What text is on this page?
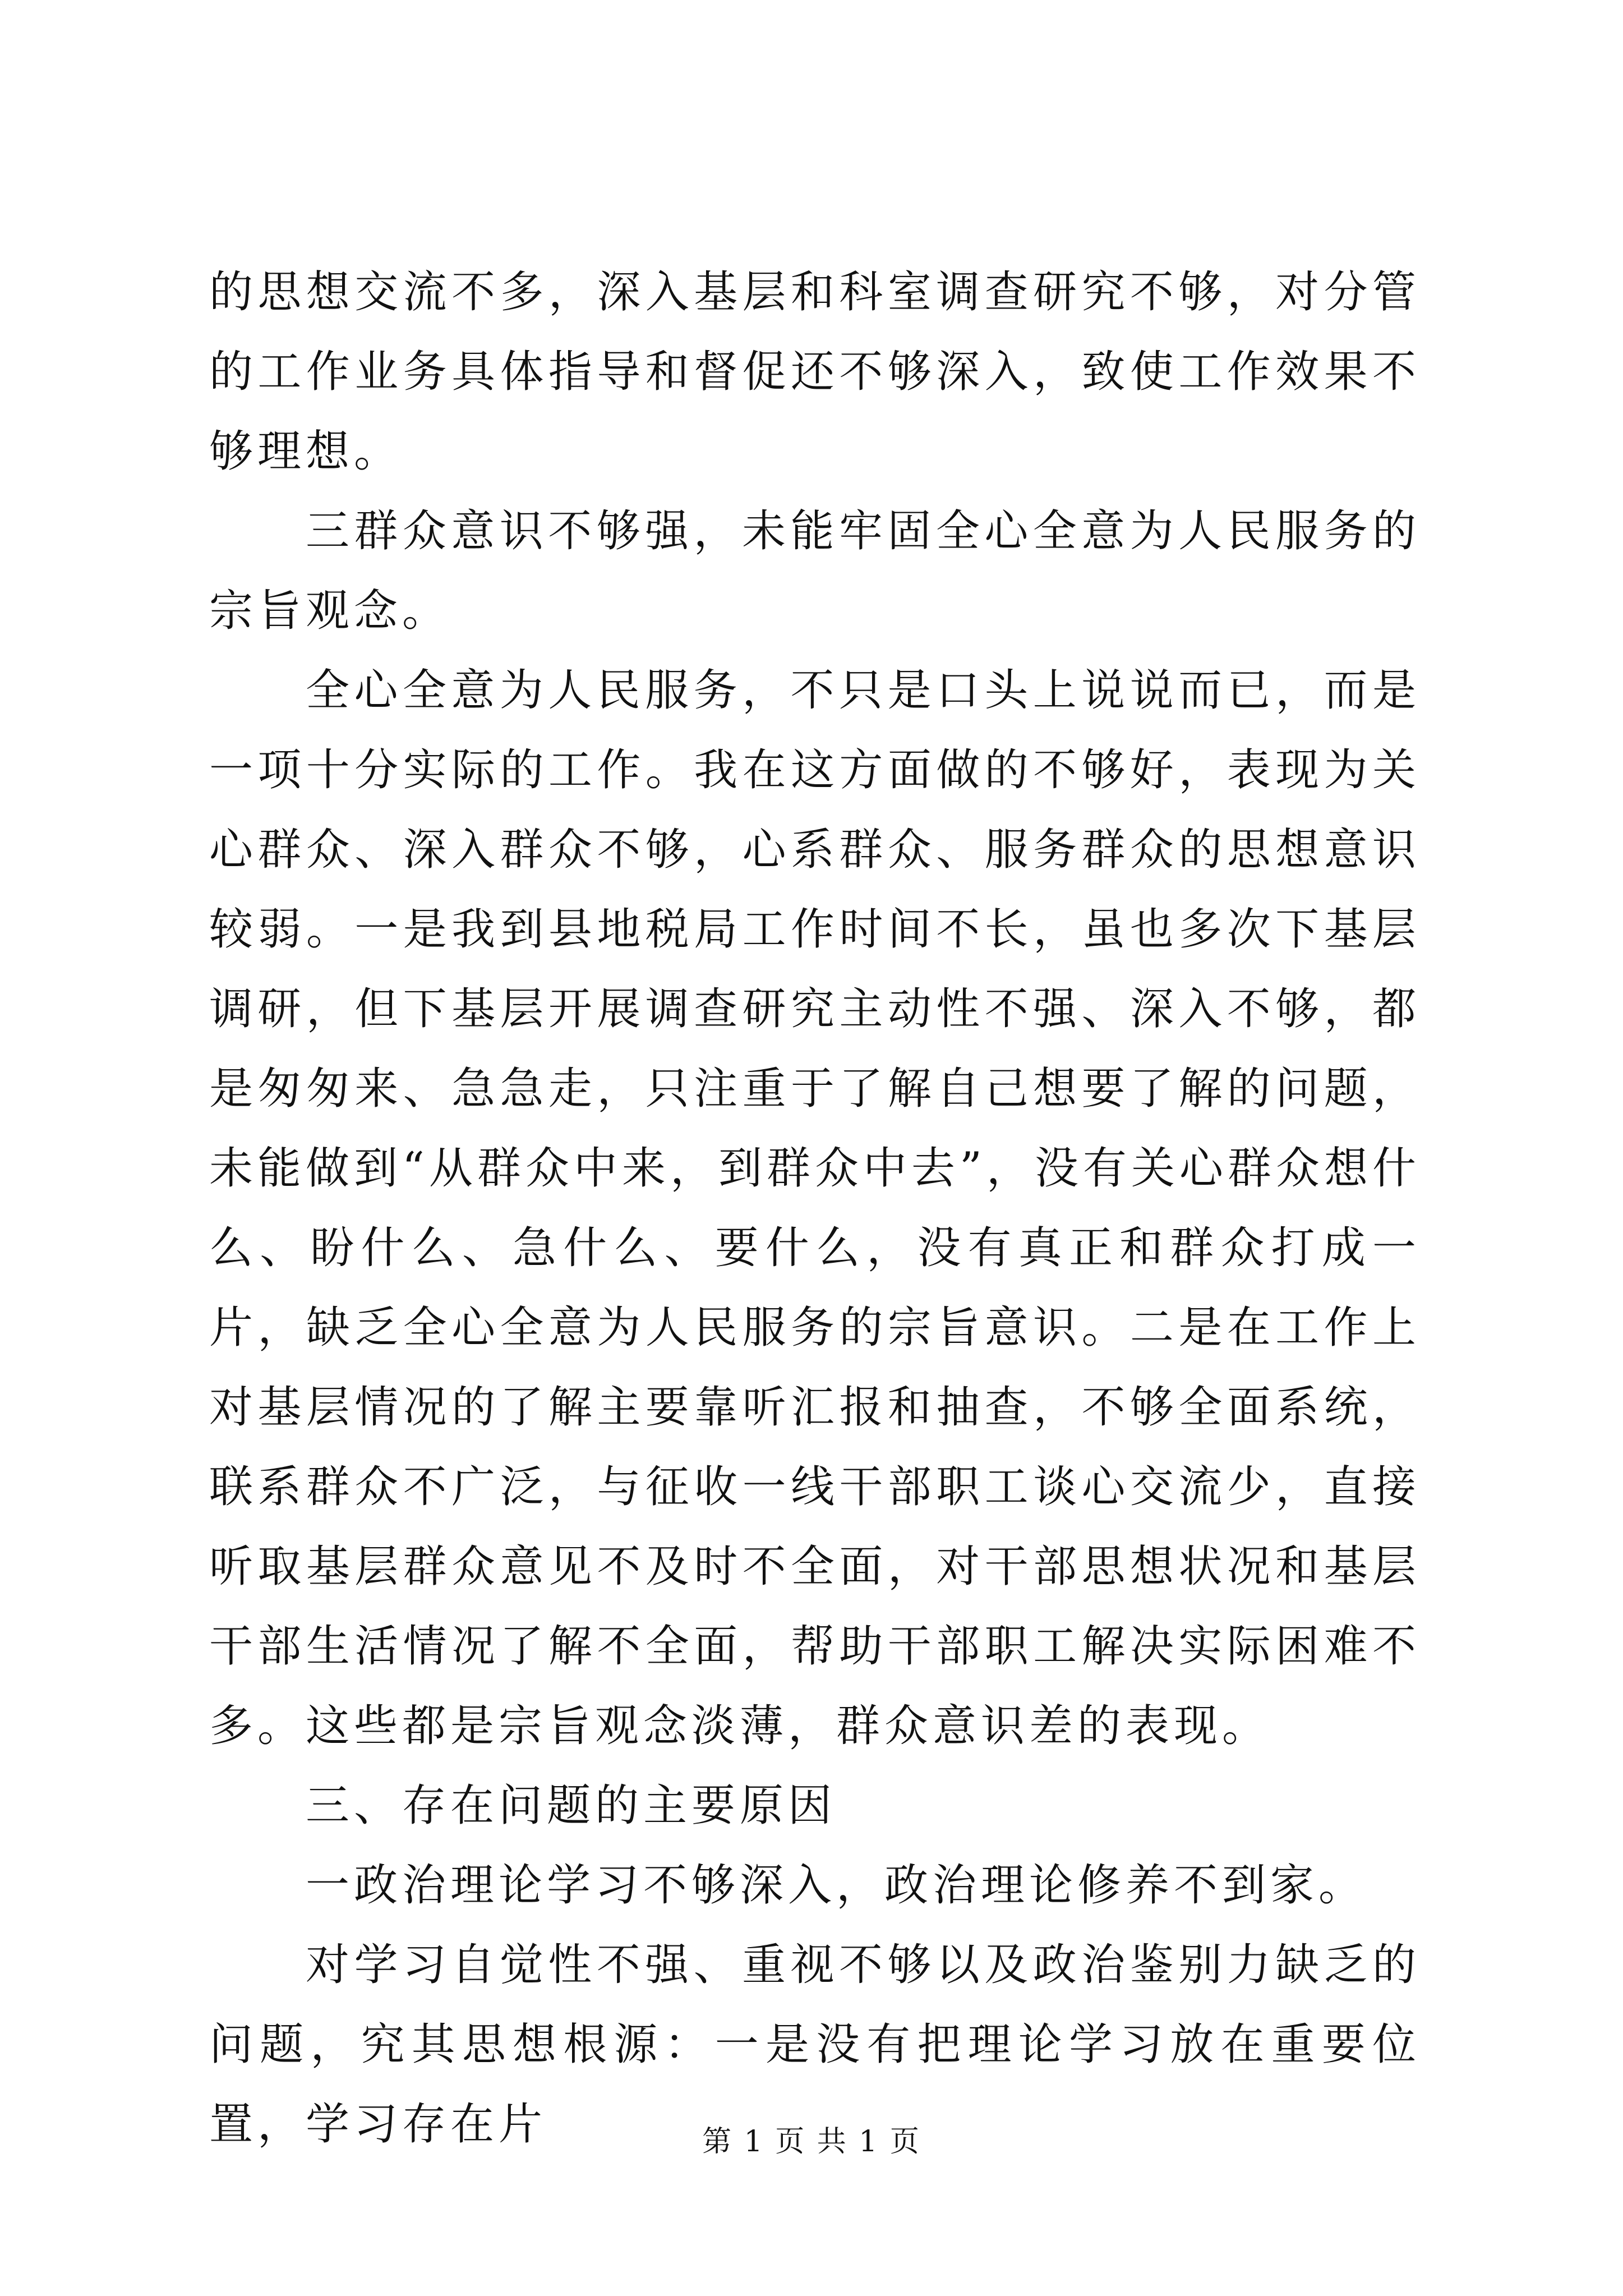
的思想交流不多，深入基层和科室调查研究不够，对分管的工作业务具体指导和督促还不够深入，致使工作效果不够理想。

三群众意识不够强，未能牢固全心全意为人民服务的宗旨观念。

全心全意为人民服务，不只是口头上说说而已，而是一项十分实际的工作。我在这方面做的不够好，表现为关心群众、深入群众不够，心系群众、服务群众的思想意识较弱。一是我到县地税局工作时间不长，虽也多次下基层调研，但下基层开展调查研究主动性不强、深入不够，都是匆匆来、急急走，只注重于了解自己想要了解的问题，未能做到“从群众中来，到群众中去”，没有关心群众想什么、盼什么、急什么、要什么，没有真正和群众打成一片，缺乏全心全意为人民服务的宗旨意识。二是在工作上对基层情况的了解主要靠听汇报和抽查，不够全面系统，联系群众不广泛，与征收一线干部职工谈心交流少，直接听取基层群众意见不及时不全面，对干部思想状况和基层干部生活情况了解不全面，帮助干部职工解决实际困难不多。这些都是宗旨观念淡薄，群众意识差的表现。

三、存在问题的主要原因

一政治理论学习不够深入，政治理论修养不到家。

对学习自觉性不强、重视不够以及政治鉴别力缺乏的问题，究其思想根源：一是没有把理论学习放在重要位置，学习存在片	第 1 页 共 1 页
